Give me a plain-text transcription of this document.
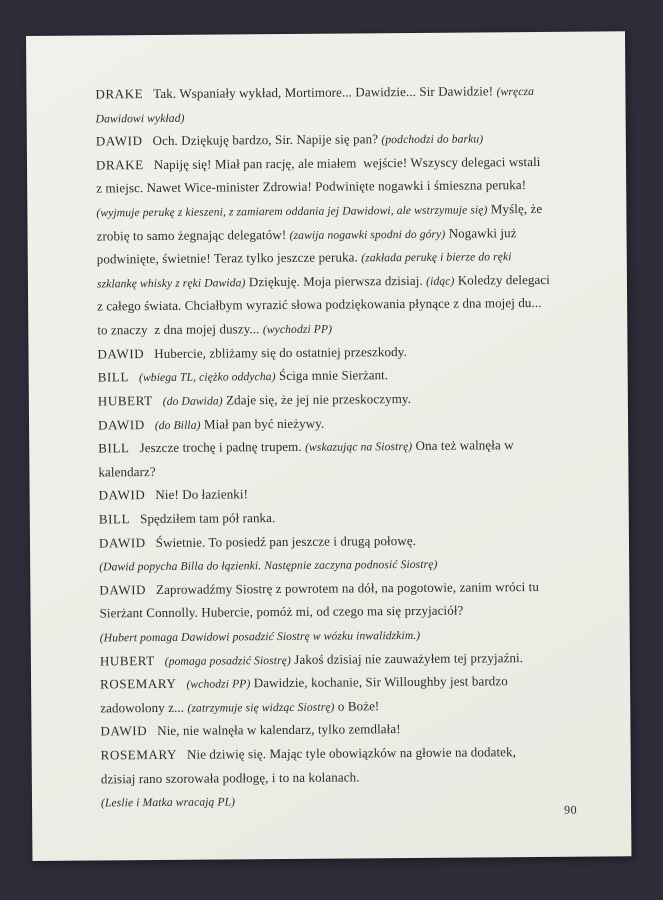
DRAKE Tak. Wspaniały wykład, Mortimore... Dawidzie... Sir Dawidzie! (wręcza
Dawidowi wykład)
DAWID Och. Dziękuję bardzo, Sir. Napije się pan? (podchodzi do barku)
DRAKE Napiję się! Miał pan rację, ale miałem  wejście! Wszyscy delegaci wstali
z miejsc. Nawet Wice-minister Zdrowia! Podwinięte nogawki i śmieszna peruka!
(wyjmuje perukę z kieszeni, z zamiarem oddania jej Dawidowi, ale wstrzymuje się) Myślę, że
zrobię to samo żegnając delegatów! (zawija nogawki spodni do góry) Nogawki już
podwinięte, świetnie! Teraz tylko jeszcze peruka. (zakłada perukę i bierze do ręki
szklankę whisky z ręki Dawida) Dziękuję. Moja pierwsza dzisiaj. (idąc) Koledzy delegaci
z całego świata. Chciałbym wyrazić słowa podziękowania płynące z dna mojej du...
to znaczy  z dna mojej duszy... (wychodzi PP)
DAWID Hubercie, zbliżamy się do ostatniej przeszkody.
BILL (wbiega TL, ciężko oddycha) Ściga mnie Sierżant.
HUBERT (do Dawida) Zdaje się, że jej nie przeskoczymy.
DAWID (do Billa) Miał pan być nieżywy.
BILL Jeszcze trochę i padnę trupem. (wskazując na Siostrę) Ona też walnęła w
kalendarz?
DAWID Nie! Do łazienki!
BILL Spędziłem tam pół ranka.
DAWID Świetnie. To posiedź pan jeszcze i drugą połowę.
(Dawid popycha Billa do łązienki. Następnie zaczyna podnosić Siostrę)
DAWID Zaprowadźmy Siostrę z powrotem na dół, na pogotowie, zanim wróci tu
Sierżant Connolly. Hubercie, pomóż mi, od czego ma się przyjaciół?
(Hubert pomaga Dawidowi posadzić Siostrę w wózku inwalidzkim.)
HUBERT (pomaga posadzić Siostrę) Jakoś dzisiaj nie zauważyłem tej przyjaźni.
ROSEMARY (wchodzi PP) Dawidzie, kochanie, Sir Willoughby jest bardzo
zadowolony z... (zatrzymuje się widząc Siostrę) o Boże!
DAWID Nie, nie walnęła w kalendarz, tylko zemdlała!
ROSEMARY Nie dziwię się. Mając tyle obowiązków na głowie na dodatek,
dzisiaj rano szorowała podłogę, i to na kolanach.
(Leslie i Matka wracają PL)
90
